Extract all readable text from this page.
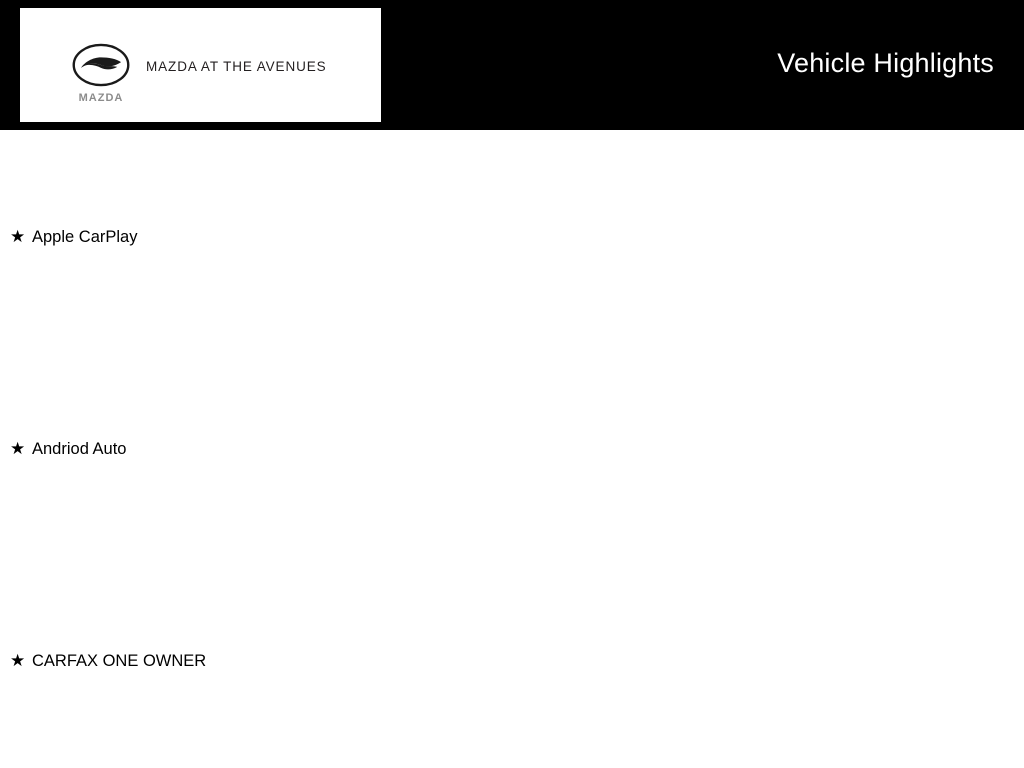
MAZDA AT THE AVENUES
MAZDA
Vehicle Highlights
★ Apple CarPlay
★ Andriod Auto
★ CARFAX ONE OWNER
